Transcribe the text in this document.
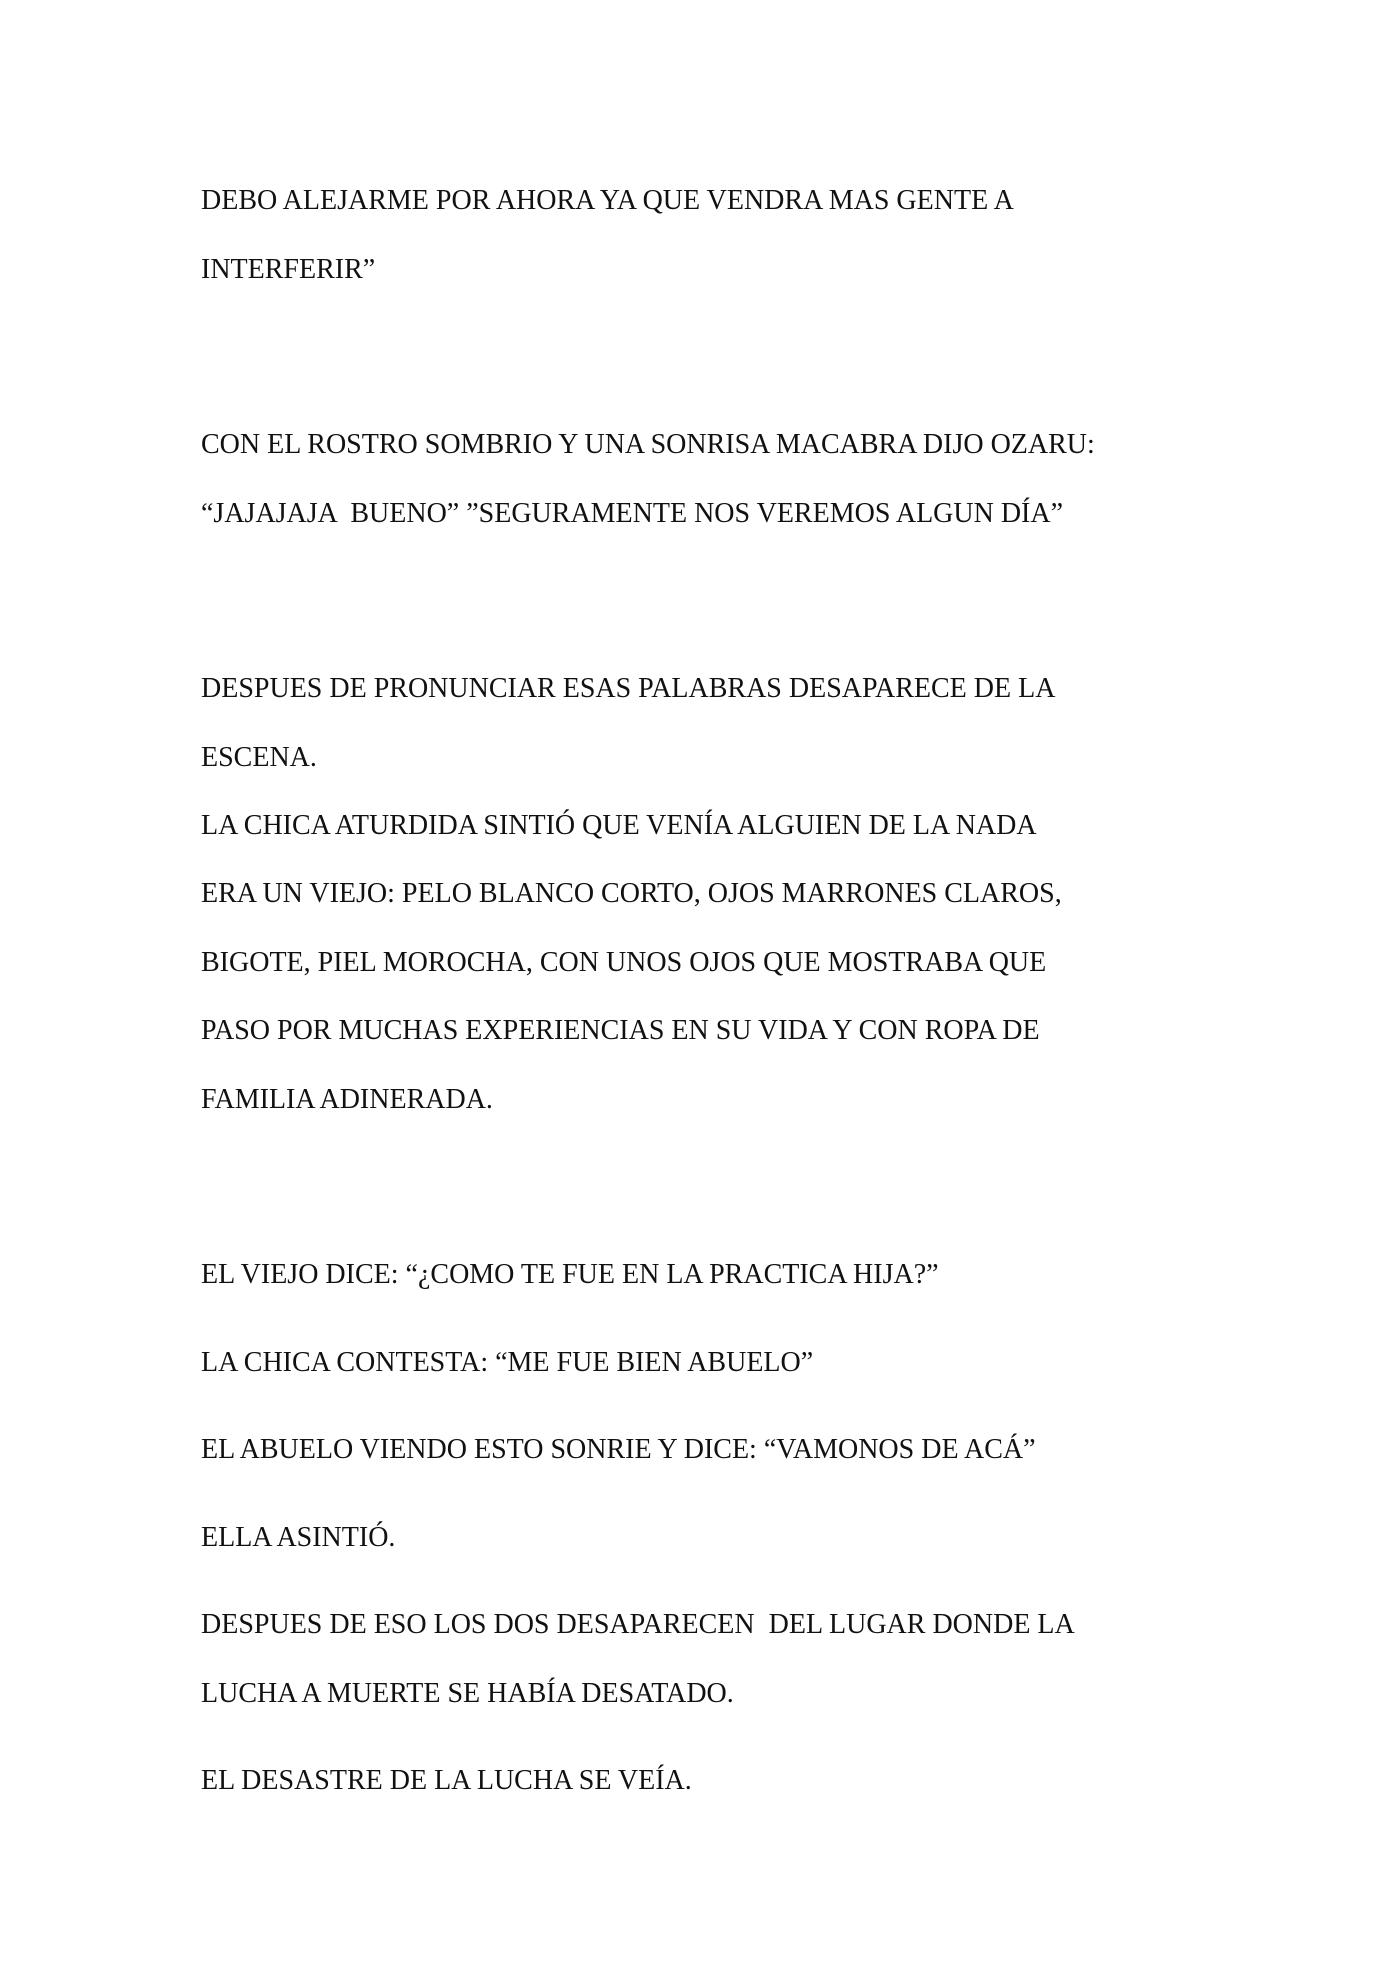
DEBO ALEJARME POR AHORA YA QUE VENDRA MAS GENTE A
INTERFERIR”
CON EL ROSTRO SOMBRIO Y UNA SONRISA MACABRA DIJO OZARU:
“JAJAJAJA  BUENO” ”SEGURAMENTE NOS VEREMOS ALGUN DÍA”
DESPUES DE PRONUNCIAR ESAS PALABRAS DESAPARECE DE LA
ESCENA.
LA CHICA ATURDIDA SINTIÓ QUE VENÍA ALGUIEN DE LA NADA
ERA UN VIEJO: PELO BLANCO CORTO, OJOS MARRONES CLAROS,
BIGOTE, PIEL MOROCHA, CON UNOS OJOS QUE MOSTRABA QUE
PASO POR MUCHAS EXPERIENCIAS EN SU VIDA Y CON ROPA DE
FAMILIA ADINERADA.
EL VIEJO DICE: “¿COMO TE FUE EN LA PRACTICA HIJA?”
LA CHICA CONTESTA: “ME FUE BIEN ABUELO”
EL ABUELO VIENDO ESTO SONRIE Y DICE: “VAMONOS DE ACÁ”
ELLA ASINTIÓ.
DESPUES DE ESO LOS DOS DESAPARECEN  DEL LUGAR DONDE LA
LUCHA A MUERTE SE HABÍA DESATADO.
EL DESASTRE DE LA LUCHA SE VEÍA.
